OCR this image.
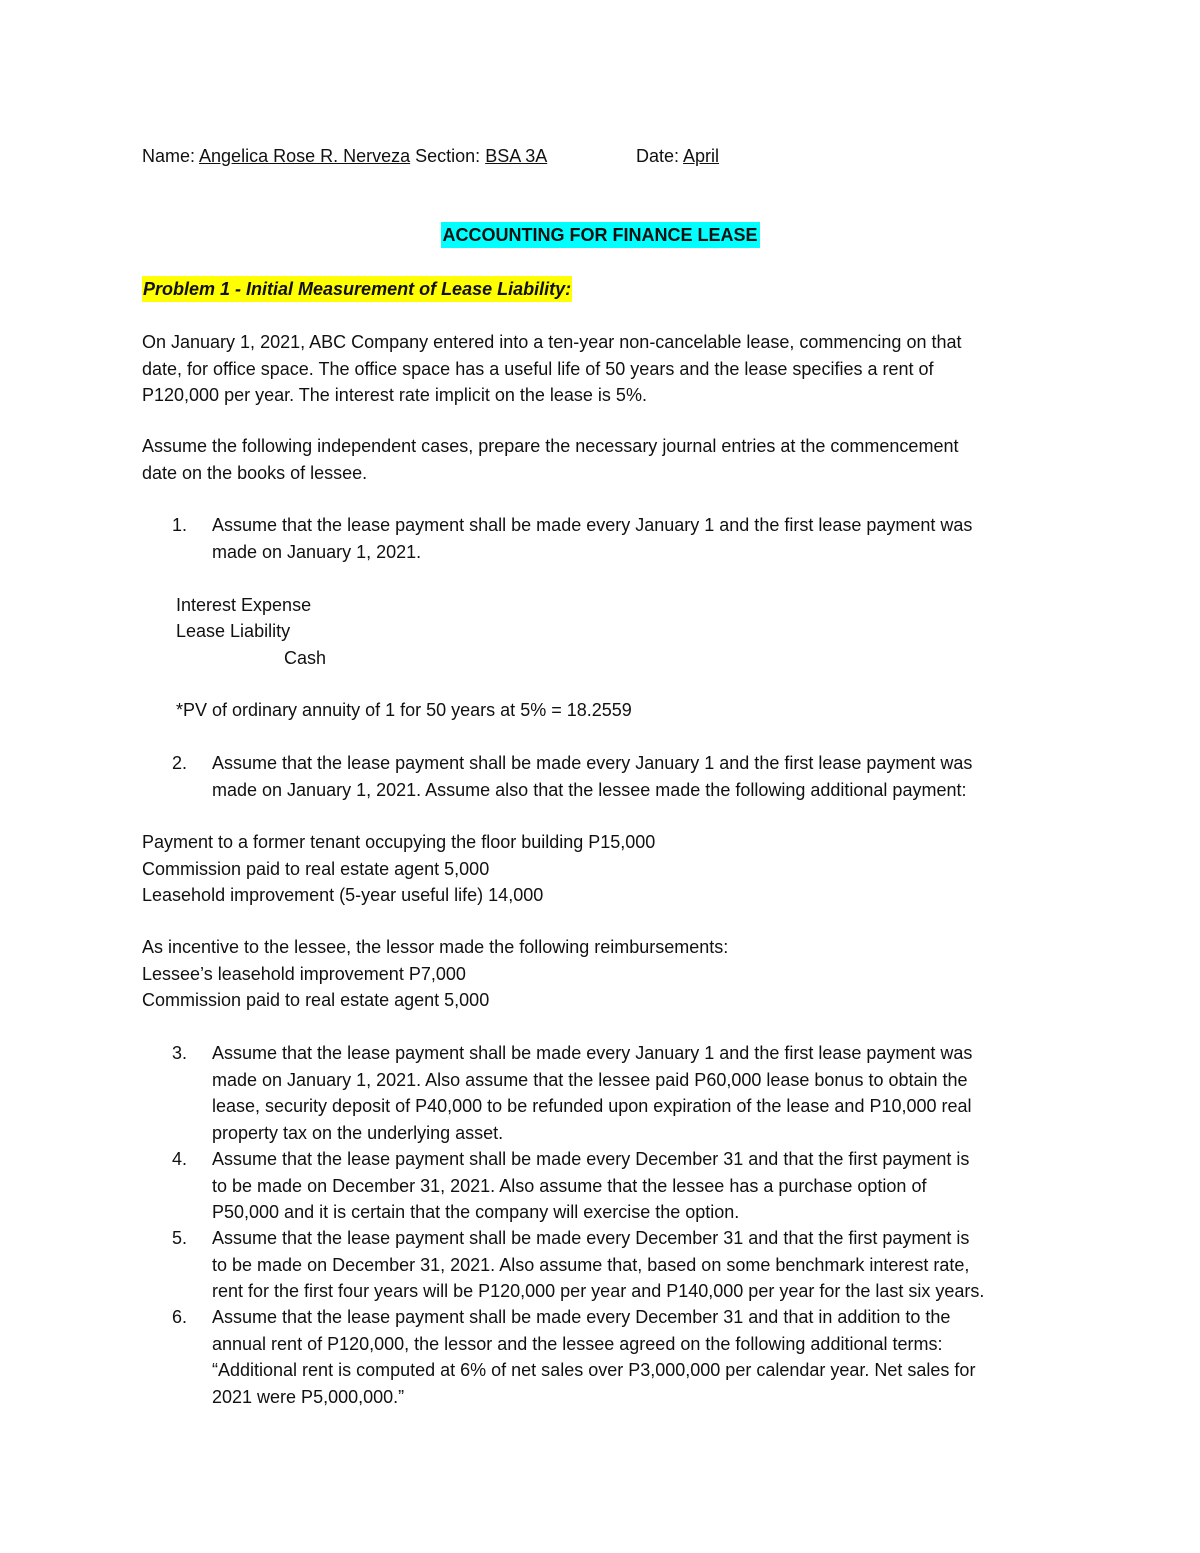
Name: Angelica Rose R. Nerveza Section: BSA 3A	Date: April
ACCOUNTING FOR FINANCE LEASE
Problem 1 - Initial Measurement of Lease Liability:
On January 1, 2021, ABC Company entered into a ten-year non-cancelable lease, commencing on that
date, for office space. The office space has a useful life of 50 years and the lease specifies a rent of
P120,000 per year. The interest rate implicit on the lease is 5%.
Assume the following independent cases, prepare the necessary journal entries at the commencement
date on the books of lessee.
1. Assume that the lease payment shall be made every January 1 and the first lease payment was
made on January 1, 2021.
Interest Expense
Lease Liability
Cash
*PV of ordinary annuity of 1 for 50 years at 5% = 18.2559
2. Assume that the lease payment shall be made every January 1 and the first lease payment was
made on January 1, 2021. Assume also that the lessee made the following additional payment:
Payment to a former tenant occupying the floor building P15,000
Commission paid to real estate agent 5,000
Leasehold improvement (5-year useful life) 14,000
As incentive to the lessee, the lessor made the following reimbursements:
Lessee’s leasehold improvement P7,000
Commission paid to real estate agent 5,000
3. Assume that the lease payment shall be made every January 1 and the first lease payment was
made on January 1, 2021. Also assume that the lessee paid P60,000 lease bonus to obtain the
lease, security deposit of P40,000 to be refunded upon expiration of the lease and P10,000 real
property tax on the underlying asset.
4. Assume that the lease payment shall be made every December 31 and that the first payment is
to be made on December 31, 2021. Also assume that the lessee has a purchase option of
P50,000 and it is certain that the company will exercise the option.
5. Assume that the lease payment shall be made every December 31 and that the first payment is
to be made on December 31, 2021. Also assume that, based on some benchmark interest rate,
rent for the first four years will be P120,000 per year and P140,000 per year for the last six years.
6. Assume that the lease payment shall be made every December 31 and that in addition to the
annual rent of P120,000, the lessor and the lessee agreed on the following additional terms:
“Additional rent is computed at 6% of net sales over P3,000,000 per calendar year. Net sales for
2021 were P5,000,000.”
